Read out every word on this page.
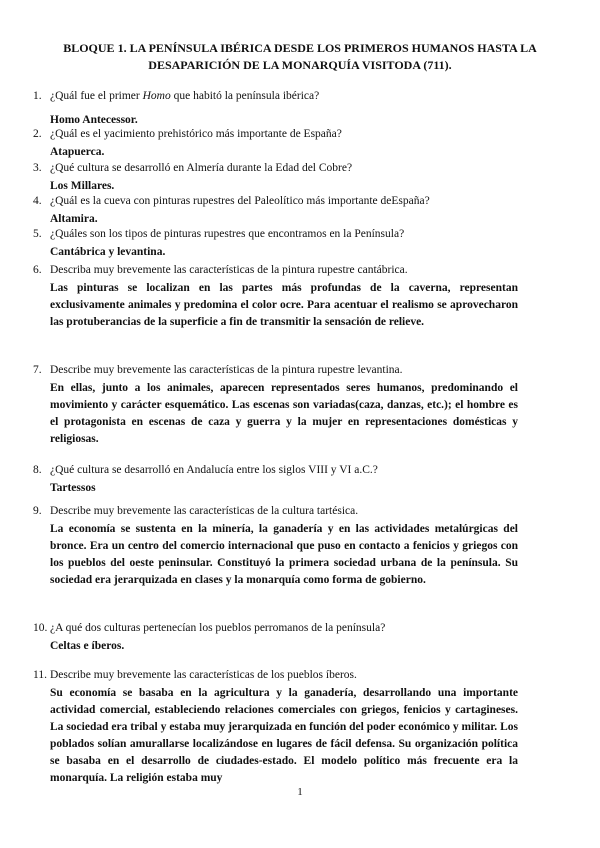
BLOQUE 1. LA PENÍNSULA IBÉRICA DESDE LOS PRIMEROS HUMANOS HASTA LA
DESAPARICIÓN DE LA MONARQUÍA VISITODA (711).
1. ¿Quál fue el primer Homo que habitó la península ibérica?
Homo Antecessor.
2. ¿Quál es el yacimiento prehistórico más importante de España?
Atapuerca.
3. ¿Qué cultura se desarrolló en Almería durante la Edad del Cobre?
Los Millares.
4. ¿Quál es la cueva con pinturas rupestres del Paleolítico más importante deEspaña?
Altamira.
5. ¿Quáles son los tipos de pinturas rupestres que encontramos en la Península?
Cantábrica y levantina.
6. Describa muy brevemente las características de la pintura rupestre cantábrica.
Las pinturas se localizan en las partes más profundas de la caverna, representan exclusivamente animales y predomina el color ocre. Para acentuar el realismo se aprovecharon las protuberancias de la superficie a fin de transmitir la sensación de relieve.
7. Describe muy brevemente las características de la pintura rupestre levantina.
En ellas, junto a los animales, aparecen representados seres humanos, predominando el movimiento y carácter esquemático. Las escenas son variadas(caza, danzas, etc.); el hombre es el protagonista en escenas de caza y guerra y la mujer en representaciones domésticas y religiosas.
8. ¿Qué cultura se desarrolló en Andalucía entre los siglos VIII y VI a.C.?
Tartessos
9. Describe muy brevemente las características de la cultura tartésica.
La economía se sustenta en la minería, la ganadería y en las actividades metalúrgicas del bronce. Era un centro del comercio internacional que puso en contacto a fenicios y griegos con los pueblos del oeste peninsular. Constituyó la primera sociedad urbana de la península. Su sociedad era jerarquizada en clases y la monarquía como forma de gobierno.
10. ¿A qué dos culturas pertenecían los pueblos perromanos de la península?
Celtas e íberos.
11. Describe muy brevemente las características de los pueblos íberos.
Su economía se basaba en la agricultura y la ganadería, desarrollando una importante actividad comercial, estableciendo relaciones comerciales con griegos, fenicios y cartagineses. La sociedad era tribal y estaba muy jerarquizada en función del poder económico y militar. Los poblados solían amurallarse localizándose en lugares de fácil defensa. Su organización política se basaba en el desarrollo de ciudades-estado. El modelo político más frecuente era la monarquía. La religión estaba muy
1
